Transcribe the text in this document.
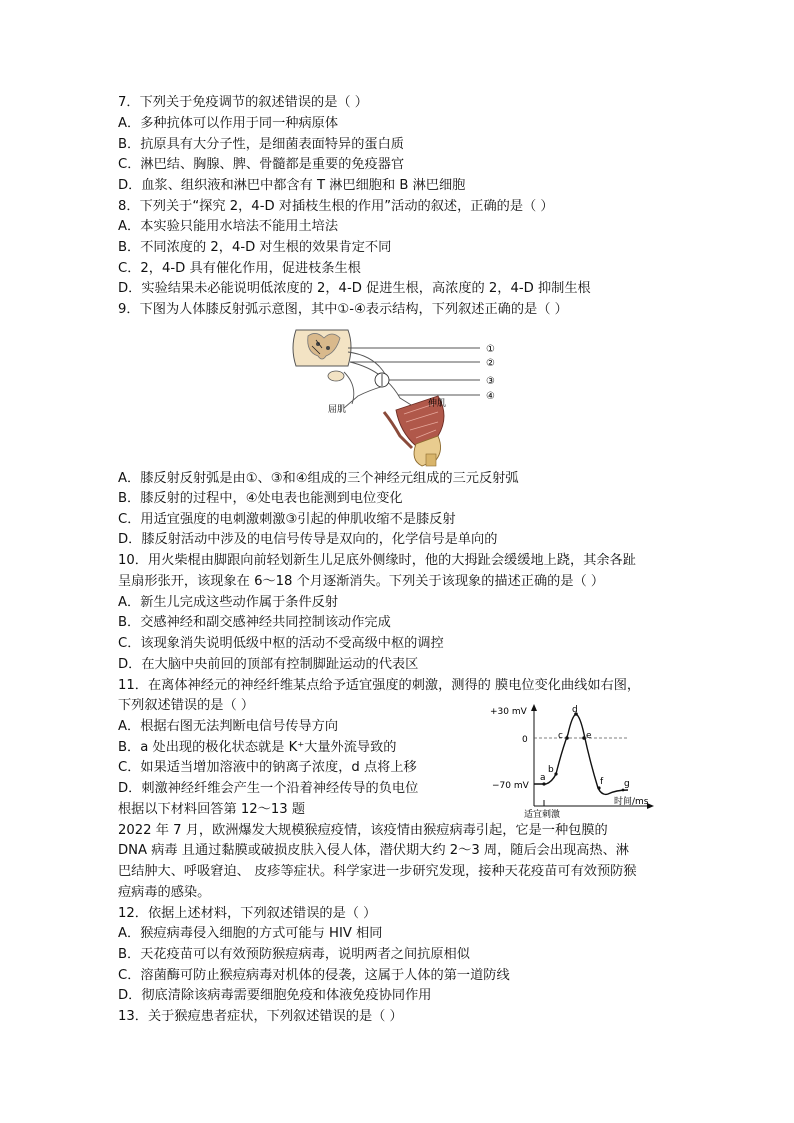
7．下列关于免疫调节的叙述错误的是（ ）
A．多种抗体可以作用于同一种病原体
B．抗原具有大分子性，是细菌表面特异的蛋白质
C．淋巴结、胸腺、脾、骨髓都是重要的免疫器官
D．血浆、组织液和淋巴中都含有 T 淋巴细胞和 B 淋巴细胞
8．下列关于“探究 2，4-D 对插枝生根的作用”活动的叙述，正确的是（ ）
A．本实验只能用水培法不能用土培法
B．不同浓度的 2，4-D 对生根的效果肯定不同
C．2，4-D 具有催化作用，促进枝条生根
D．实验结果未必能说明低浓度的 2，4-D 促进生根，高浓度的 2，4-D 抑制生根
9．下图为人体膝反射弧示意图，其中①-④表示结构，下列叙述正确的是（ ）
①
②
③
④
屈肌
伸肌
A．膝反射反射弧是由①、③和④组成的三个神经元组成的三元反射弧
B．膝反射的过程中，④处电表也能测到电位变化
C．用适宜强度的电刺激刺激③引起的伸肌收缩不是膝反射
D．膝反射活动中涉及的电信号传导是双向的，化学信号是单向的
10．用火柴棍由脚跟向前轻划新生儿足底外侧缘时，他的大拇趾会缓缓地上跷，其余各趾
呈扇形张开，该现象在 6～18 个月逐渐消失。下列关于该现象的描述正确的是（ ）
A．新生儿完成这些动作属于条件反射
B．交感神经和副交感神经共同控制该动作完成
C．该现象消失说明低级中枢的活动不受高级中枢的调控
D．在大脑中央前回的顶部有控制脚趾运动的代表区
11．在离体神经元的神经纤维某点给予适宜强度的刺激，测得的 膜电位变化曲线如右图，
下列叙述错误的是（ ）
A．根据右图无法判断电信号传导方向
B．a 处出现的极化状态就是 K⁺大量外流导致的
C．如果适当增加溶液中的钠离子浓度，d 点将上移
D．刺激神经纤维会产生一个沿着神经传导的负电位
+30 mV
0
−70 mV
a
b
c
d
e
f g
适宜刺激
时间/ms
根据以下材料回答第 12～13 题
2022 年 7 月，欧洲爆发大规模猴痘疫情，该疫情由猴痘病毒引起，它是一种包膜的
DNA 病毒 且通过黏膜或破损皮肤入侵人体，潜伏期大约 2～3 周，随后会出现高热、淋
巴结肿大、呼吸窘迫、 皮疹等症状。科学家进一步研究发现，接种天花疫苗可有效预防猴
痘病毒的感染。
12．依据上述材料，下列叙述错误的是（ ）
A．猴痘病毒侵入细胞的方式可能与 HIV 相同
B．天花疫苗可以有效预防猴痘病毒，说明两者之间抗原相似
C．溶菌酶可防止猴痘病毒对机体的侵袭，这属于人体的第一道防线
D．彻底清除该病毒需要细胞免疫和体液免疫协同作用
13．关于猴痘患者症状，下列叙述错误的是（ ）
